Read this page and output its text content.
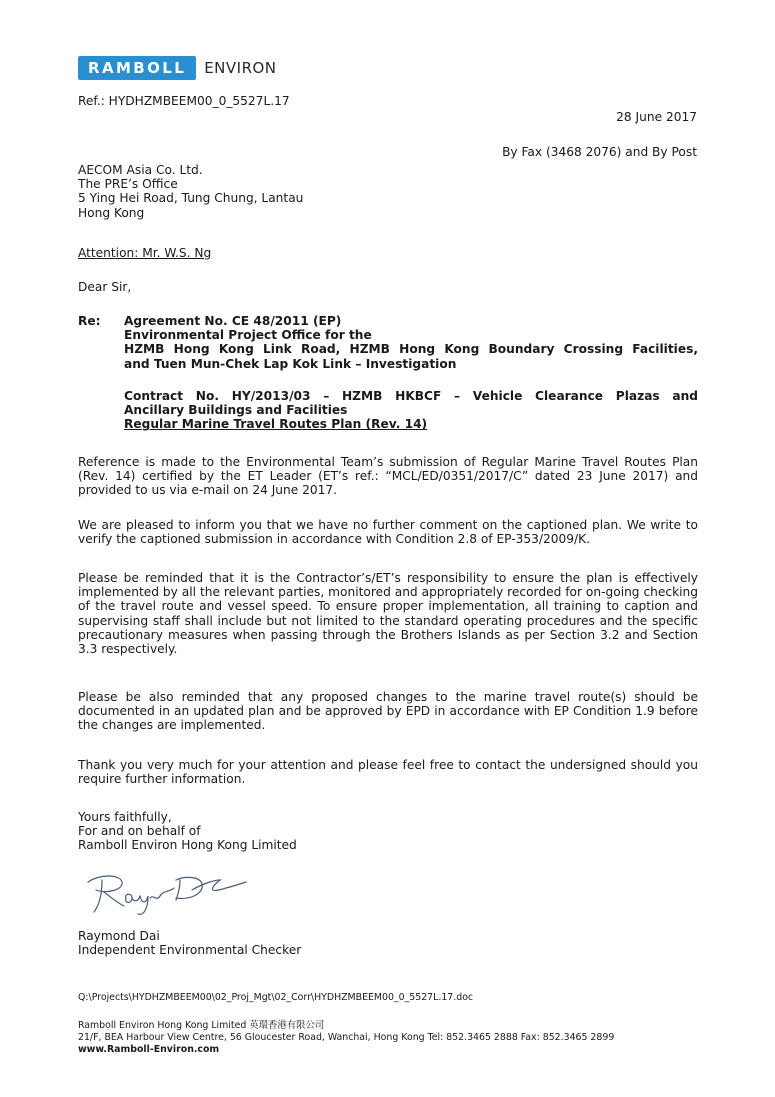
RAMBOLL	ENVIRON
Ref.: HYDHZMBEEM00_0_5527L.17
28 June 2017
By Fax (3468 2076) and By Post
AECOM Asia Co. Ltd.
The PRE’s Office
5 Ying Hei Road, Tung Chung, Lantau
Hong Kong
Attention: Mr. W.S. Ng
Dear Sir,
Re: Agreement No. CE 48/2011 (EP)
Environmental Project Office for the
HZMB Hong Kong Link Road, HZMB Hong Kong Boundary Crossing Facilities,
and Tuen Mun-Chek Lap Kok Link – Investigation
Contract No. HY/2013/03 – HZMB HKBCF – Vehicle Clearance Plazas and
Ancillary Buildings and Facilities
Regular Marine Travel Routes Plan (Rev. 14)
Reference is made to the Environmental Team’s submission of Regular Marine Travel Routes Plan (Rev. 14) certified by the ET Leader (ET’s ref.: “MCL/ED/0351/2017/C” dated 23 June 2017) and provided to us via e-mail on 24 June 2017.
We are pleased to inform you that we have no further comment on the captioned plan. We write to verify the captioned submission in accordance with Condition 2.8 of EP-353/2009/K.
Please be reminded that it is the Contractor’s/ET’s responsibility to ensure the plan is effectively implemented by all the relevant parties, monitored and appropriately recorded for on-going checking of the travel route and vessel speed. To ensure proper implementation, all training to caption and supervising staff shall include but not limited to the standard operating procedures and the specific precautionary measures when passing through the Brothers Islands as per Section 3.2 and Section 3.3 respectively.
Please be also reminded that any proposed changes to the marine travel route(s) should be documented in an updated plan and be approved by EPD in accordance with EP Condition 1.9 before the changes are implemented.
Thank you very much for your attention and please feel free to contact the undersigned should you require further information.
Yours faithfully,
For and on behalf of
Ramboll Environ Hong Kong Limited
Raymond Dai
Independent Environmental Checker
Q:\Projects\HYDHZMBEEM00\02_Proj_Mgt\02_Corr\HYDHZMBEEM00_0_5527L.17.doc
Ramboll Environ Hong Kong Limited 英環香港有限公司
21/F, BEA Harbour View Centre, 56 Gloucester Road, Wanchai, Hong Kong Tel: 852.3465 2888 Fax: 852.3465 2899
www.Ramboll-Environ.com
